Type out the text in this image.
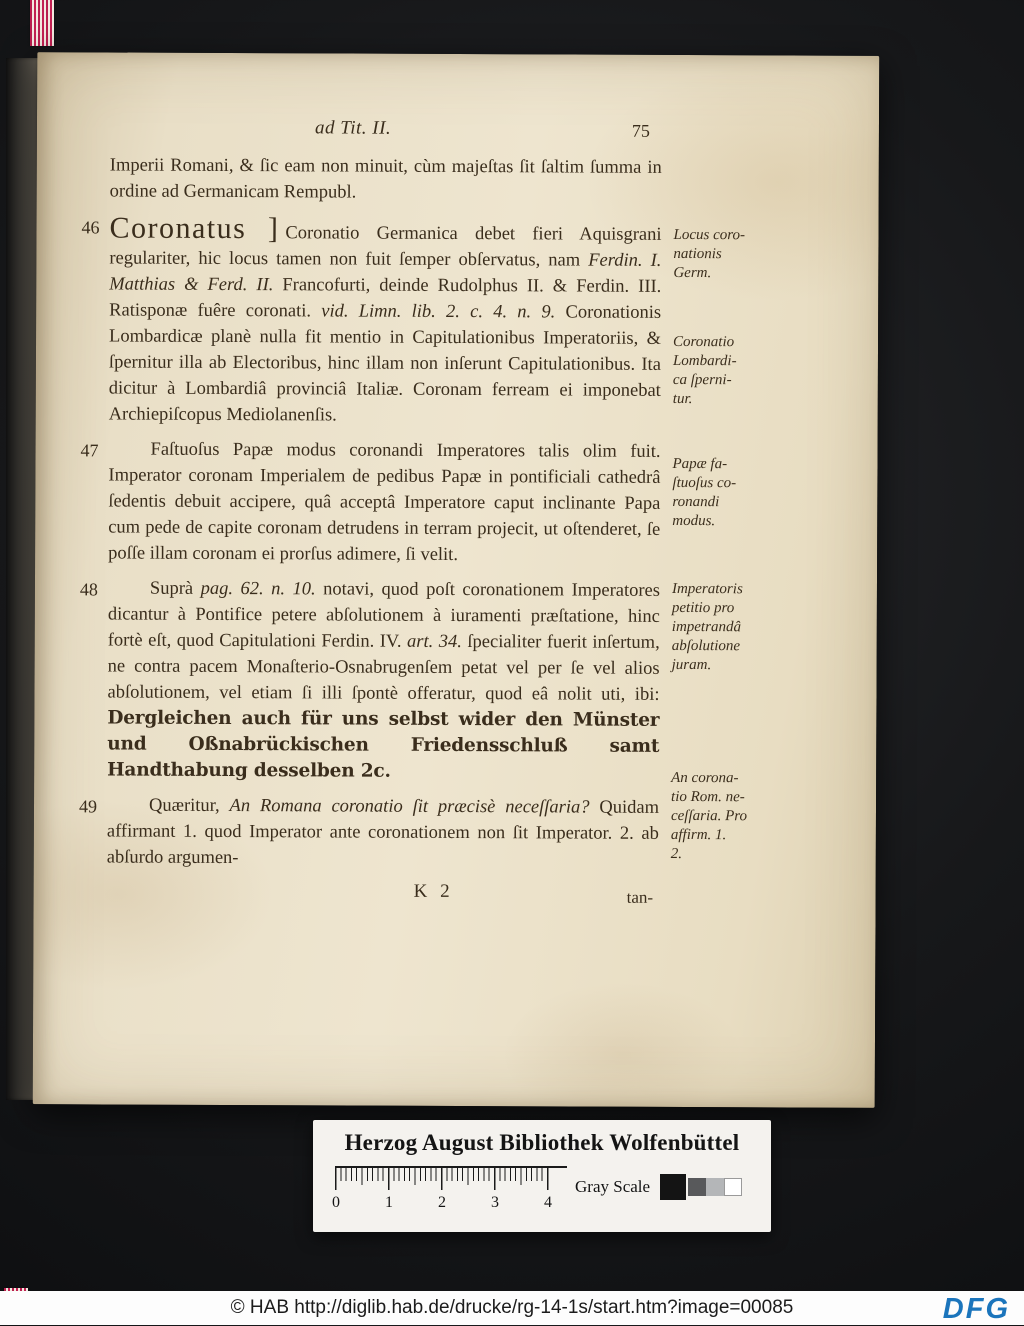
ad Tit. II.	75
Imperii Romani, & ſic eam non minuit, cùm majeſtas ſit ſaltim ſumma in ordine ad Germanicam Rempubl.
46 Coronatus ] Coronatio Germanica debet fieri Aquisgrani regulariter, hic locus tamen non fuit ſemper obſervatus, nam Ferdin. I. Matthias & Ferd. II. Francofurti, deinde Rudolphus II. & Ferdin. III. Ratisponæ fuêre coronati. vid. Limn. lib. 2. c. 4. n. 9. Coronationis Lombardicæ planè nulla fit mentio in Capitulationibus Imperatoriis, & ſpernitur illa ab Electoribus, hinc illam non inſerunt Capitulationibus. Ita dicitur à Lombardiâ provinciâ Italiæ. Coronam ferream ei imponebat Archiepiſcopus Mediolanenſis.
Locus coro-
nationis
Germ.
Coronatio
Lombardi-
ca ſperni-
tur.
47	Faſtuoſus Papæ modus coronandi Imperatores talis olim fuit. Imperator coronam Imperialem de pedibus Papæ in pontificiali cathedrâ ſedentis debuit accipere, quâ acceptâ Imperatore caput inclinante Papa cum pede de capite coronam detrudens in terram projecit, ut oſtenderet, ſe poſſe illam coronam ei prorſus adimere, ſi velit.
Papæ fa-
ſtuoſus co-
ronandi
modus.
48	Suprà pag. 62. n. 10. notavi, quod poſt coronationem Imperatores dicantur à Pontifice petere abſolutionem à iuramenti præſtatione, hinc fortè eſt, quod Capitulationi Ferdin. IV. art. 34. ſpecialiter fuerit inſertum, ne contra pacem Monaſterio-Osnabrugenſem petat vel per ſe vel alios abſolutionem, vel etiam ſi illi ſpontè offeratur, quod eâ nolit uti, ibi: Dergleichen auch für uns selbst wider den Münster und Oßnabrückischen Friedensschluß samt Handthabung desselben 2c.
Imperatoris
petitio pro
impetrandâ
abſolutione
juram.
49	Quæritur, An Romana coronatio ſit præcisè neceſſaria? Quidam affirmant 1. quod Imperator ante coronationem non ſit Imperator. 2. ab abſurdo argumen-
An corona-
tio Rom. ne-
ceſſaria. Pro
affirm. 1.
2.
K 2	tan-
Herzog August Bibliothek Wolfenbüttel
0	1	2	3	4
Gray Scale
© HAB http://diglib.hab.de/drucke/rg-14-1s/start.htm?image=00085	DFG
